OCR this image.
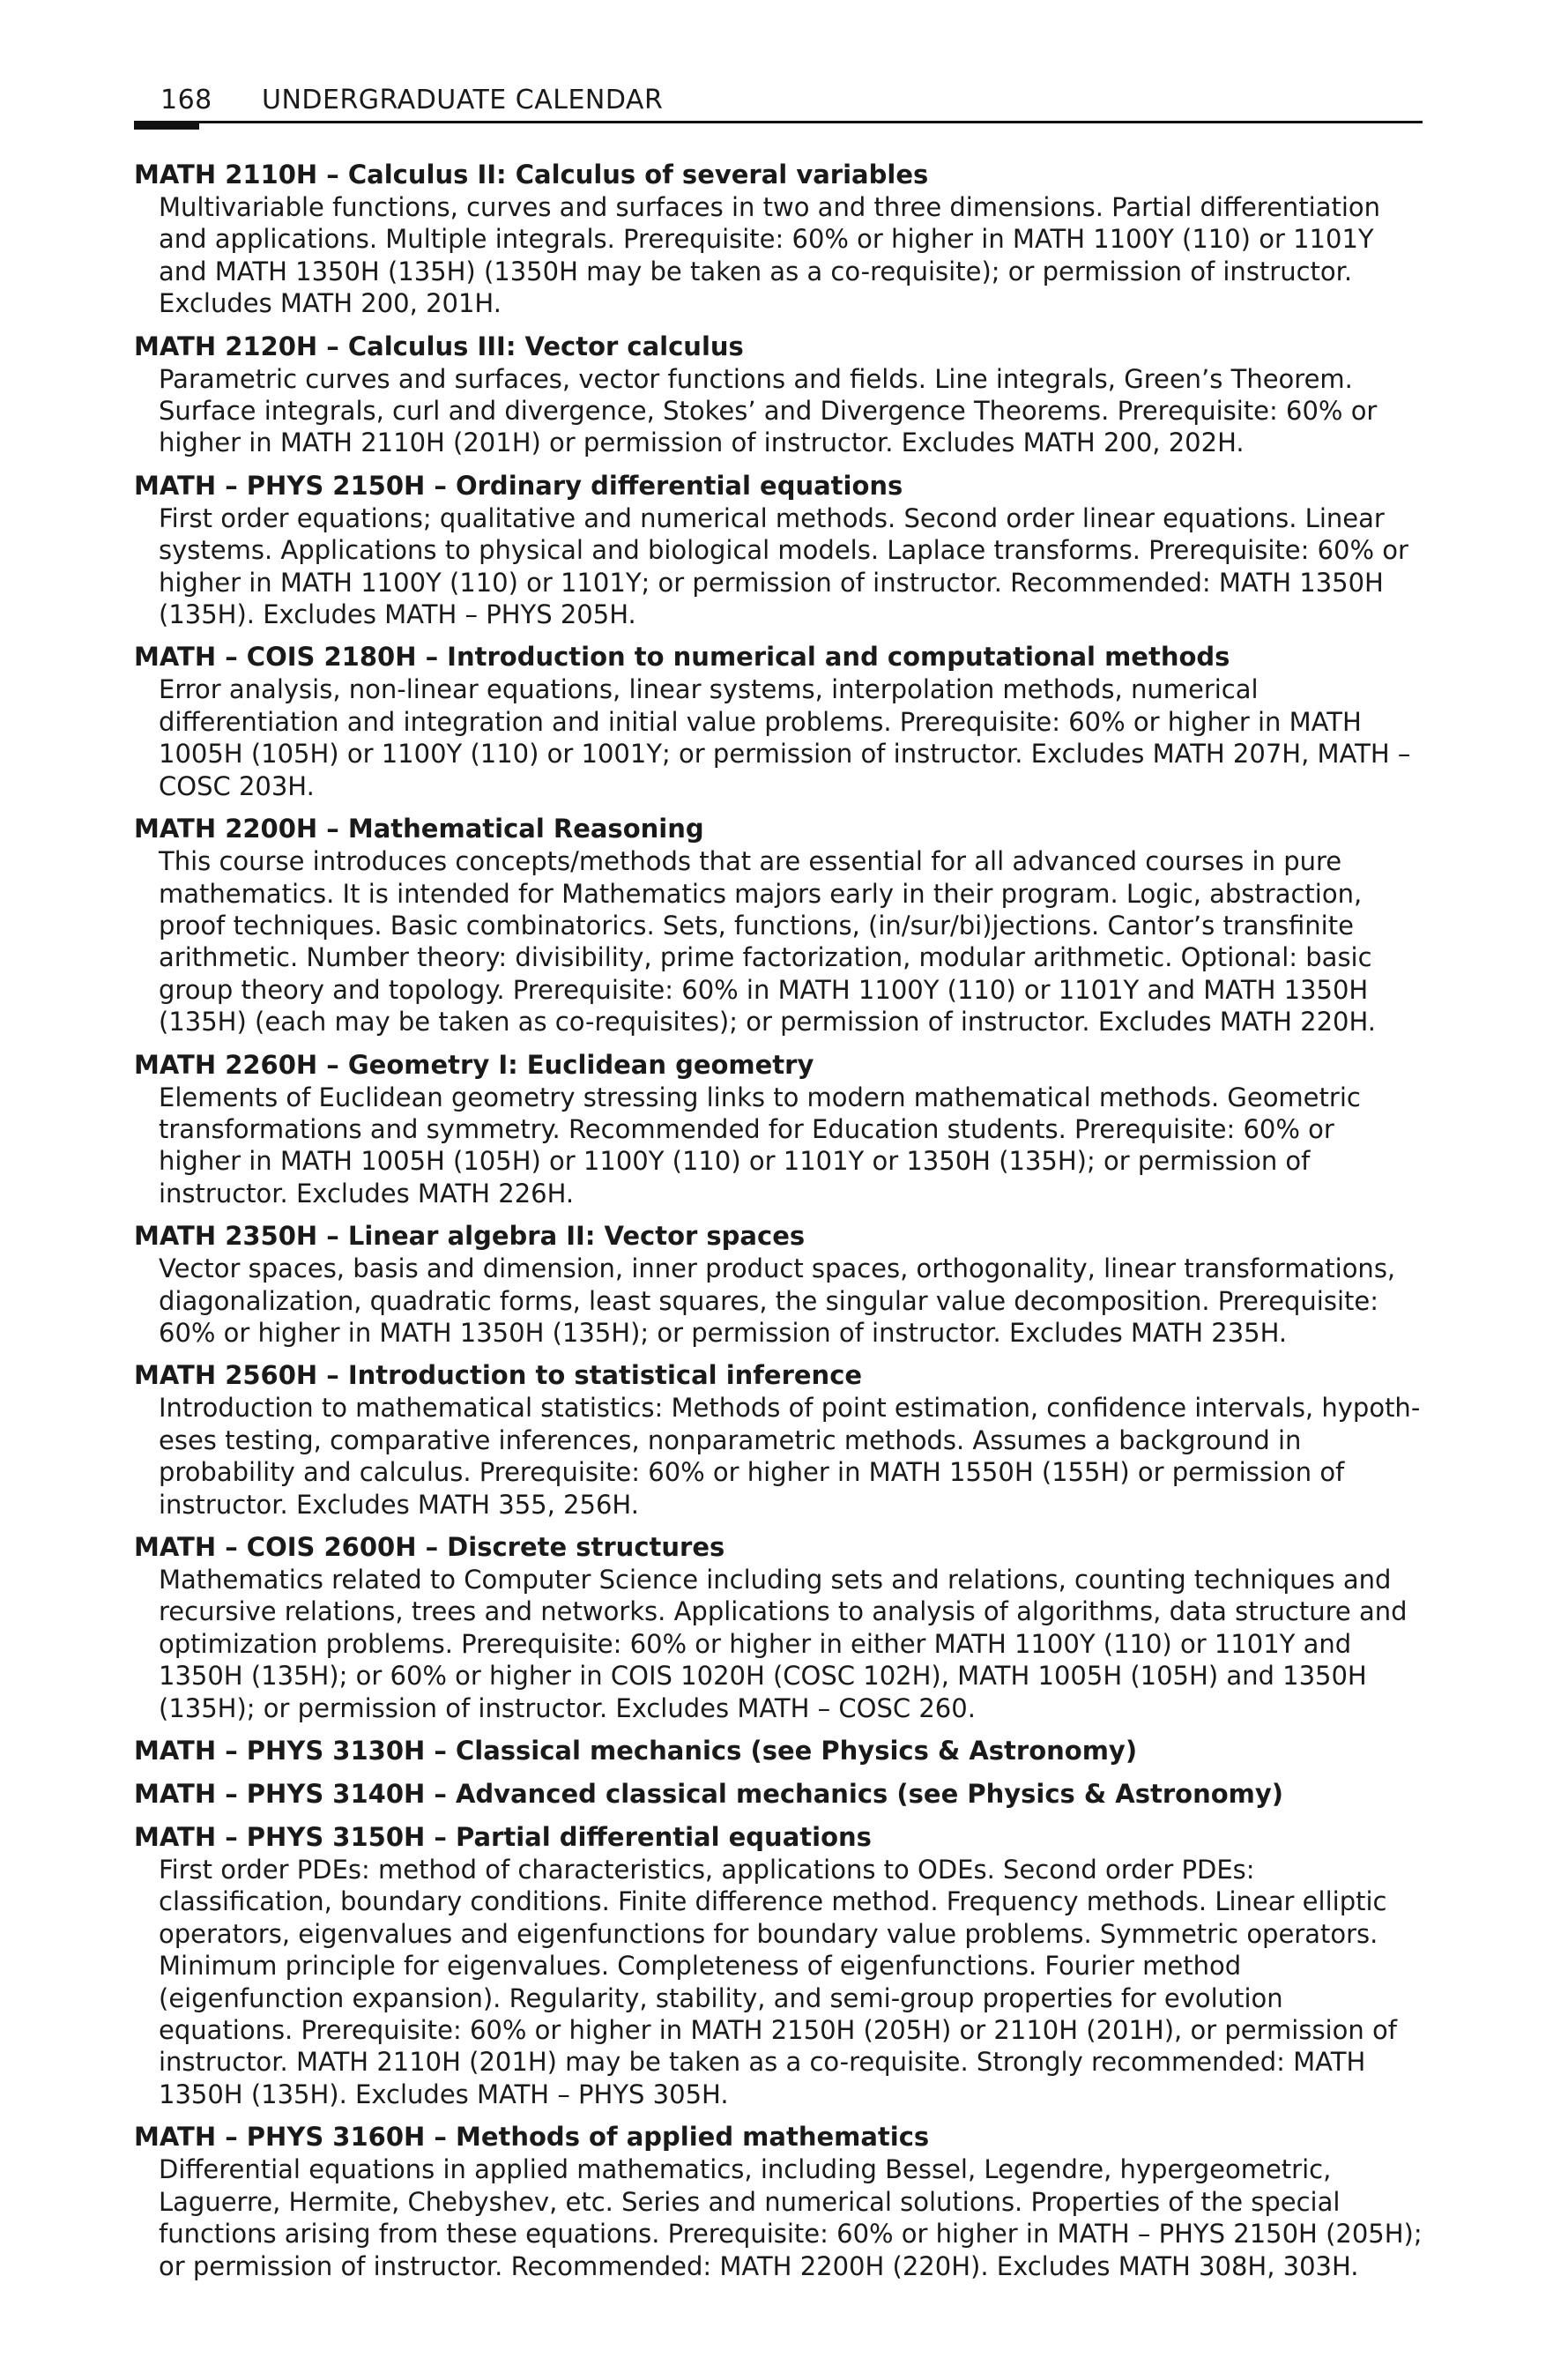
168 UNDERGRADUATE CALENDAR
MATH 2110H – Calculus II: Calculus of several variables
Multivariable functions, curves and surfaces in two and three dimensions. Partial differentiation and applications. Multiple integrals. Prerequisite: 60% or higher in MATH 1100Y (110) or 1101Y and MATH 1350H (135H) (1350H may be taken as a co-requisite); or permission of instructor. Excludes MATH 200, 201H.
MATH 2120H – Calculus III: Vector calculus
Parametric curves and surfaces, vector functions and fields. Line integrals, Green’s Theorem. Surface integrals, curl and divergence, Stokes’ and Divergence Theorems. Prerequisite: 60% or higher in MATH 2110H (201H) or permission of instructor. Excludes MATH 200, 202H.
MATH – PHYS 2150H – Ordinary differential equations
First order equations; qualitative and numerical methods. Second order linear equations. Linear systems. Applications to physical and biological models. Laplace transforms. Prerequisite: 60% or higher in MATH 1100Y (110) or 1101Y; or permission of instructor. Recommended: MATH 1350H (135H). Excludes MATH – PHYS 205H.
MATH – COIS 2180H – Introduction to numerical and computational methods
Error analysis, non-linear equations, linear systems, interpolation methods, numerical differentiation and integration and initial value problems. Prerequisite: 60% or higher in MATH 1005H (105H) or 1100Y (110) or 1001Y; or permission of instructor. Excludes MATH 207H, MATH – COSC 203H.
MATH 2200H – Mathematical Reasoning
This course introduces concepts/methods that are essential for all advanced courses in pure mathematics. It is intended for Mathematics majors early in their program. Logic, abstraction, proof techniques. Basic combinatorics. Sets, functions, (in/sur/bi)jections. Cantor’s transfinite arithmetic. Number theory: divisibility, prime factorization, modular arithmetic. Optional: basic group theory and topology. Prerequisite: 60% in MATH 1100Y (110) or 1101Y and MATH 1350H (135H) (each may be taken as co-requisites); or permission of instructor. Excludes MATH 220H.
MATH 2260H – Geometry I: Euclidean geometry
Elements of Euclidean geometry stressing links to modern mathematical methods. Geometric transformations and symmetry. Recommended for Education students. Prerequisite: 60% or higher in MATH 1005H (105H) or 1100Y (110) or 1101Y or 1350H (135H); or permission of instructor. Excludes MATH 226H.
MATH 2350H – Linear algebra II: Vector spaces
Vector spaces, basis and dimension, inner product spaces, orthogonality, linear transformations, diagonalization, quadratic forms, least squares, the singular value decomposition. Prerequisite: 60% or higher in MATH 1350H (135H); or permission of instructor. Excludes MATH 235H.
MATH 2560H – Introduction to statistical inference
Introduction to mathematical statistics: Methods of point estimation, confidence intervals, hypotheses testing, comparative inferences, nonparametric methods. Assumes a background in probability and calculus. Prerequisite: 60% or higher in MATH 1550H (155H) or permission of instructor. Excludes MATH 355, 256H.
MATH – COIS 2600H – Discrete structures
Mathematics related to Computer Science including sets and relations, counting techniques and recursive relations, trees and networks. Applications to analysis of algorithms, data structure and optimization problems. Prerequisite: 60% or higher in either MATH 1100Y (110) or 1101Y and 1350H (135H); or 60% or higher in COIS 1020H (COSC 102H), MATH 1005H (105H) and 1350H (135H); or permission of instructor. Excludes MATH – COSC 260.
MATH – PHYS 3130H – Classical mechanics (see Physics & Astronomy)
MATH – PHYS 3140H – Advanced classical mechanics (see Physics & Astronomy)
MATH – PHYS 3150H – Partial differential equations
First order PDEs: method of characteristics, applications to ODEs. Second order PDEs: classification, boundary conditions. Finite difference method. Frequency methods. Linear elliptic operators, eigenvalues and eigenfunctions for boundary value problems. Symmetric operators. Minimum principle for eigenvalues. Completeness of eigenfunctions. Fourier method (eigenfunction expansion). Regularity, stability, and semi-group properties for evolution equations. Prerequisite: 60% or higher in MATH 2150H (205H) or 2110H (201H), or permission of instructor. MATH 2110H (201H) may be taken as a co-requisite. Strongly recommended: MATH 1350H (135H). Excludes MATH – PHYS 305H.
MATH – PHYS 3160H – Methods of applied mathematics
Differential equations in applied mathematics, including Bessel, Legendre, hypergeometric, Laguerre, Hermite, Chebyshev, etc. Series and numerical solutions. Properties of the special functions arising from these equations. Prerequisite: 60% or higher in MATH – PHYS 2150H (205H); or permission of instructor. Recommended: MATH 2200H (220H). Excludes MATH 308H, 303H.
